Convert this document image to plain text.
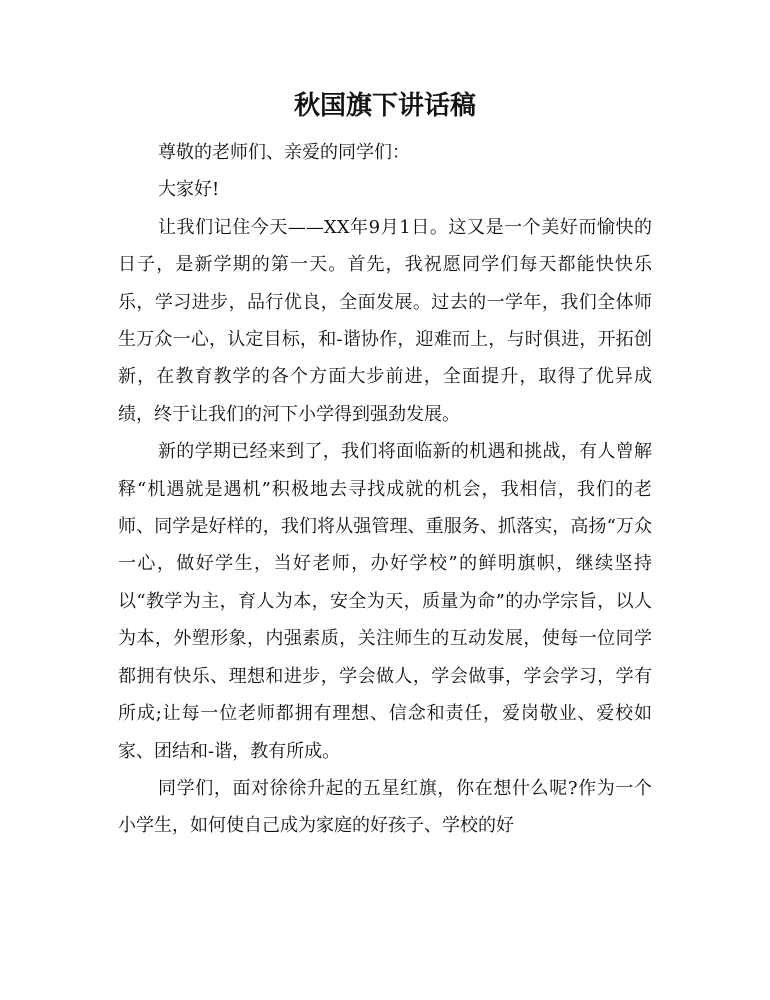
秋国旗下讲话稿

尊敬的老师们、亲爱的同学们：

大家好!

让我们记住今天——XX年9月1日。这又是一个美好而愉快的日子，是新学期的第一天。首先，我祝愿同学们每天都能快快乐乐，学习进步，品行优良，全面发展。过去的一学年，我们全体师生万众一心，认定目标，和-谐协作，迎难而上，与时俱进，开拓创新，在教育教学的各个方面大步前进，全面提升，取得了优异成绩，终于让我们的河下小学得到强劲发展。

新的学期已经来到了，我们将面临新的机遇和挑战，有人曾解释“机遇就是遇机”积极地去寻找成就的机会，我相信，我们的老师、同学是好样的，我们将从强管理、重服务、抓落实，高扬“万众一心，做好学生，当好老师，办好学校”的鲜明旗帜，继续坚持以“教学为主，育人为本，安全为天，质量为命”的办学宗旨，以人为本，外塑形象，内强素质，关注师生的互动发展，使每一位同学都拥有快乐、理想和进步，学会做人，学会做事，学会学习，学有所成;让每一位老师都拥有理想、信念和责任，爱岗敬业、爱校如家、团结和-谐，教有所成。

同学们，面对徐徐升起的五星红旗，你在想什么呢?作为一个小学生，如何使自己成为家庭的好孩子、学校的好
